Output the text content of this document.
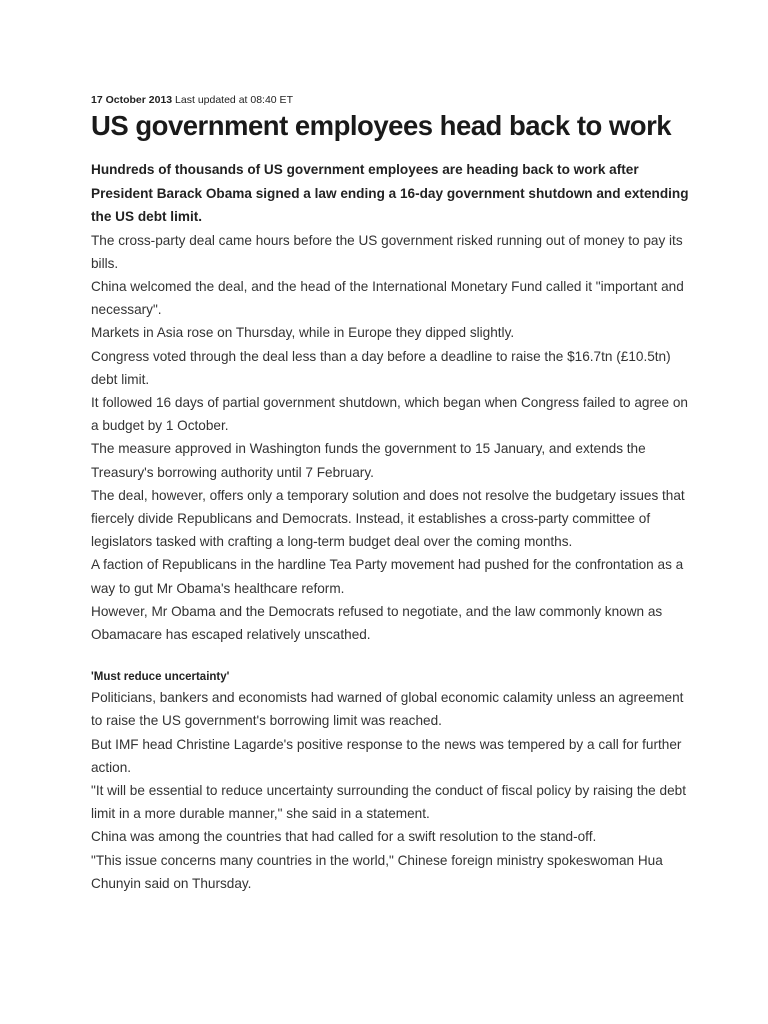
17 October 2013 Last updated at 08:40 ET
US government employees head back to work

Hundreds of thousands of US government employees are heading back to work after President Barack Obama signed a law ending a 16-day government shutdown and extending the US debt limit.

The cross-party deal came hours before the US government risked running out of money to pay its bills.

China welcomed the deal, and the head of the International Monetary Fund called it "important and necessary".

Markets in Asia rose on Thursday, while in Europe they dipped slightly.

Congress voted through the deal less than a day before a deadline to raise the $16.7tn (£10.5tn) debt limit.

It followed 16 days of partial government shutdown, which began when Congress failed to agree on a budget by 1 October.

The measure approved in Washington funds the government to 15 January, and extends the Treasury's borrowing authority until 7 February.

The deal, however, offers only a temporary solution and does not resolve the budgetary issues that fiercely divide Republicans and Democrats. Instead, it establishes a cross-party committee of legislators tasked with crafting a long-term budget deal over the coming months.

A faction of Republicans in the hardline Tea Party movement had pushed for the confrontation as a way to gut Mr Obama's healthcare reform.

However, Mr Obama and the Democrats refused to negotiate, and the law commonly known as Obamacare has escaped relatively unscathed.

'Must reduce uncertainty'

Politicians, bankers and economists had warned of global economic calamity unless an agreement to raise the US government's borrowing limit was reached.

But IMF head Christine Lagarde's positive response to the news was tempered by a call for further action.

"It will be essential to reduce uncertainty surrounding the conduct of fiscal policy by raising the debt limit in a more durable manner," she said in a statement.

China was among the countries that had called for a swift resolution to the stand-off.

"This issue concerns many countries in the world," Chinese foreign ministry spokeswoman Hua Chunyin said on Thursday.
